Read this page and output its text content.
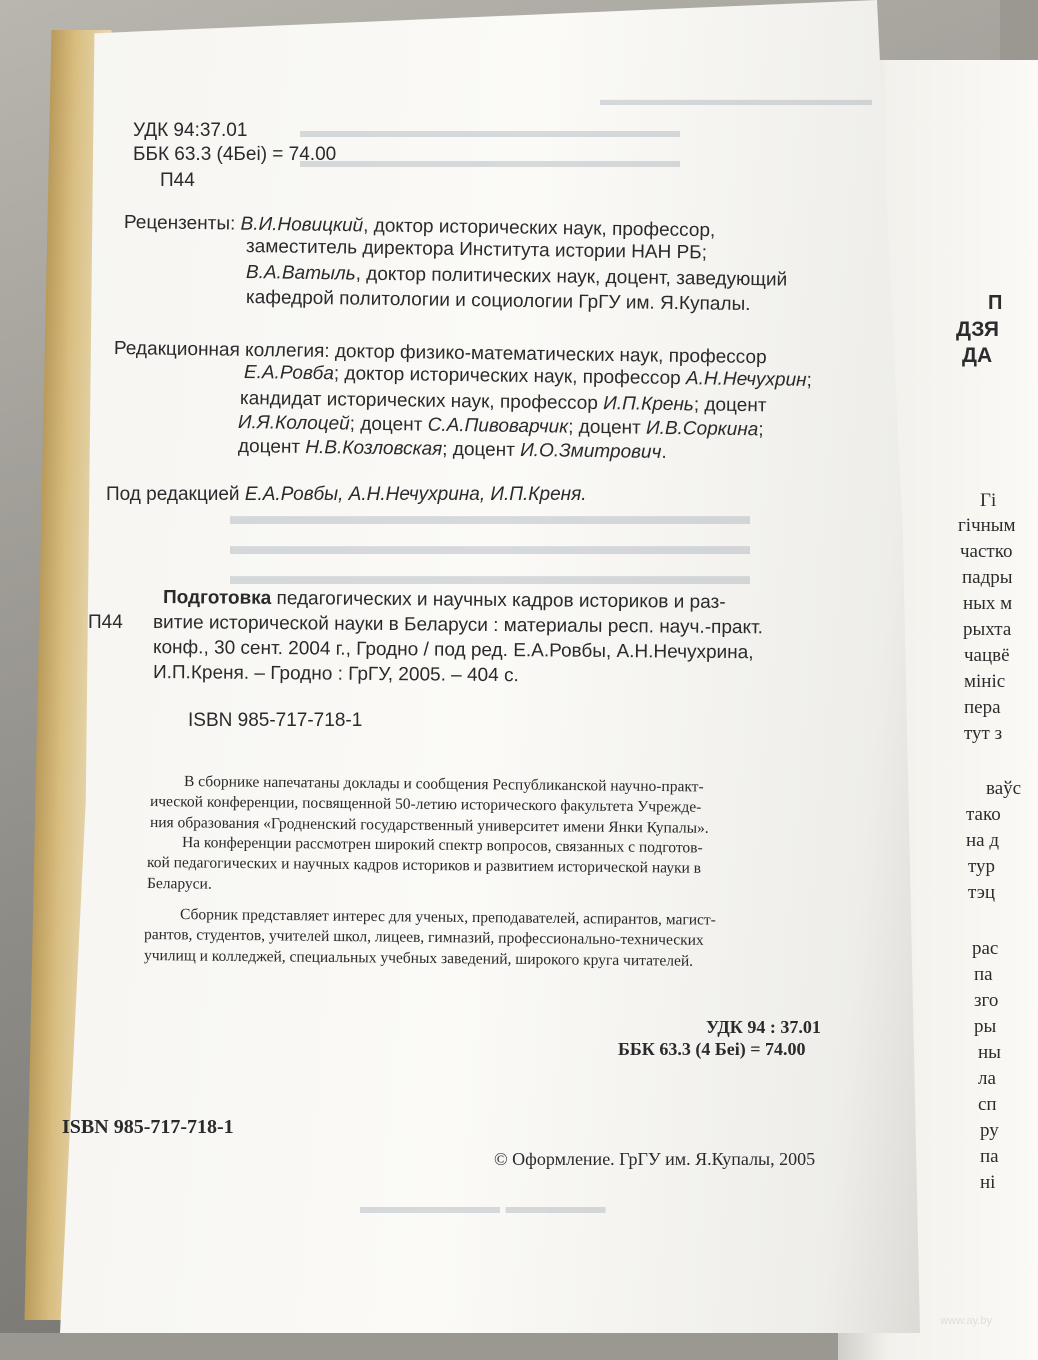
П
ДЗЯ
ДА
Гі
гічным
частко
падры
ных м
рыхта
чацвё
мініс
пера
тут з
ваўс
тако
на д
тур
тэц
рас
па
зго
ры
ны
ла
сп
ру
па
ні
▬▬▬▬▬▬▬▬▬▬▬▬▬▬▬▬
▬▬▬▬▬▬▬▬▬▬▬▬▬▬▬▬▬▬▬
▬▬▬▬▬▬▬▬▬▬▬▬▬▬▬▬▬▬▬
▬▬▬▬▬▬▬▬▬▬▬▬▬▬▬▬▬▬▬▬
▬▬▬▬▬▬▬▬▬▬▬▬▬▬▬▬▬▬▬▬
▬▬▬▬▬▬▬▬▬▬▬▬▬▬▬▬▬▬▬▬
УДК 94:37.01
ББК 63.3 (4Беі) = 74.00
П44
Рецензенты: В.И.Новицкий, доктор исторических наук, профессор,
заместитель директора Института истории НАН РБ;
В.А.Ватыль, доктор политических наук, доцент, заведующий
кафедрой политологии и социологии ГрГУ им. Я.Купалы.
Редакционная коллегия: доктор физико-математических наук, профессор
Е.А.Ровба; доктор исторических наук, профессор А.Н.Нечухрин;
кандидат исторических наук, профессор И.П.Крень; доцент
И.Я.Колоцей; доцент С.А.Пивоварчик; доцент И.В.Соркина;
доцент Н.В.Козловская; доцент И.О.Змитрович.
Под редакцией Е.А.Ровбы, А.Н.Нечухрина, И.П.Креня.
П44
Подготовка педагогических и научных кадров историков и раз-
витие исторической науки в Беларуси : материалы респ. науч.-практ.
конф., 30 сент. 2004 г., Гродно / под ред. Е.А.Ровбы, А.Н.Нечухрина,
И.П.Креня. – Гродно : ГрГУ, 2005. – 404 с.
ISBN 985-717-718-1
В сборнике напечатаны доклады и сообщения Республиканской научно-практ-
ической конференции, посвященной 50-летию исторического факультета Учрежде-
ния образования «Гродненский государственный университет имени Янки Купалы».
На конференции рассмотрен широкий спектр вопросов, связанных с подготов-
кой педагогических и научных кадров историков и развитием исторической науки в
Беларуси.
Сборник представляет интерес для ученых, преподавателей, аспирантов, магист-
рантов, студентов, учителей школ, лицеев, гимназий, профессионально-технических
училищ и колледжей, специальных учебных заведений, широкого круга читателей.
УДК 94 : 37.01
ББК 63.3 (4 Беі) = 74.00
ISBN 985-717-718-1
© Оформление. ГрГУ им. Я.Купалы, 2005
▬▬▬▬▬ ▬▬▬▬▬▬▬
www.ay.by
